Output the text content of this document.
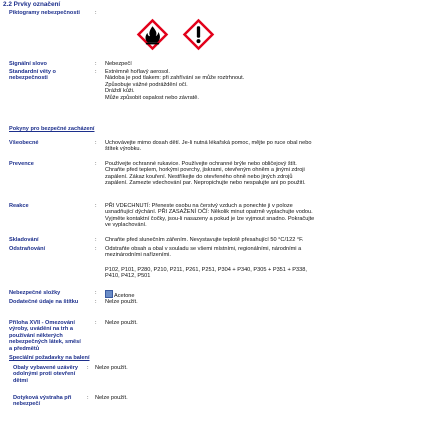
2.2 Prvky označení
Piktogramy nebezpečnosti	:
Signální slovo	: Nebezpečí
Standardní věty o
nebezpečnosti
: Extrémně hořlavý aerosol.
Nádoba je pod tlakem: při zahřívání se může roztrhnout.
Způsobuje vážné podráždění očí.
Dráždí kůži.
Může způsobit ospalost nebo závratě.
Pokyny pro bezpečné zacházení
Všeobecné	: Uchovávejte mimo dosah dětí. Je-li nutná lékařská pomoc, mějte po ruce obal nebo
štítek výrobku.
Prevence	: Používejte ochranné rukavice. Používejte ochranné brýle nebo obličejový štít.
Chraňte před teplem, horkými povrchy, jiskrami, otevřeným ohněm a jinými zdroji
zapálení. Zákaz kouření. Nestříkejte do otevřeného ohně nebo jiných zdrojů
zapálení. Zamezte vdechování par. Nepropichujte nebo nespalujte ani po použití.
Reakce	: PŘI VDECHNUTÍ: Přeneste osobu na čerstvý vzduch a ponechte ji v poloze
usnadňující dýchání. PŘI ZASAŽENÍ OČÍ: Několik minut opatrně vyplachujte vodou.
Vyjměte kontaktní čočky, jsou-li nasazeny a pokud je lze vyjmout snadno. Pokračujte
ve vyplachování.
Skladování	: Chraňte před slunečním zářením. Nevystavujte teplotě přesahující 50 °C/122 °F.
Odstraňování	: Odstraňte obsah a obal v souladu se všemi místními, regionálními, národními a
mezinárodními nařízeními.
P102, P101, P280, P210, P211, P261, P251, P304 + P340, P305 + P351 + P338,
P410, P412, P501
Nebezpečné složky	:	Acetone
Dodatečné údaje na štítku	: Nelze použít.
Příloha XVII - Omezování
výroby, uvádění na trh a
používání některých
nebezpečných látek, směsí
a předmětů
: Nelze použít.
Speciální požadavky na balení
Obaly vybavené uzávěry
odolnými proti otevření
dětmi
: Nelze použít.
Dotyková výstraha při
nebezpečí
: Nelze použít.
